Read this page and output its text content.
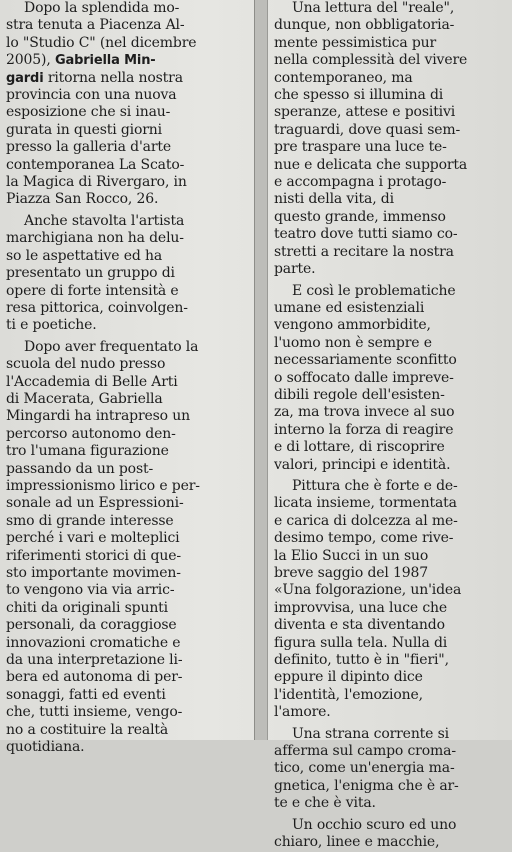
Dopo la splendida mo-
stra tenuta a Piacenza Al-
lo "Studio C" (nel dicembre
2005), Gabriella Min-
gardi ritorna nella nostra
provincia con una nuova
esposizione che si inau-
gurata in questi giorni
presso la galleria d'arte
contemporanea La Scato-
la Magica di Rivergaro, in
Piazza San Rocco, 26.

Anche stavolta l'artista
marchigiana non ha delu-
so le aspettative ed ha
presentato un gruppo di
opere di forte intensità e
resa pittorica, coinvolgen-
ti e poetiche.

Dopo aver frequentato la
scuola del nudo presso
l'Accademia di Belle Arti
di Macerata, Gabriella
Mingardi ha intrapreso un
percorso autonomo den-
tro l'umana figurazione
passando da un post-
impressionismo lirico e per-
sonale ad un Espressioni-
smo di grande interesse
perché i vari e molteplici
riferimenti storici di que-
sto importante movimen-
to vengono via via arric-
chiti da originali spunti
personali, da coraggiose
innovazioni cromatiche e
da una interpretazione li-
bera ed autonoma di per-
sonaggi, fatti ed eventi
che, tutti insieme, vengo-
no a costituire la realtà
quotidiana.

Una lettura del "reale",
dunque, non obbligatoria-
mente pessimistica pur
nella complessità del vivere
contemporaneo, ma
che spesso si illumina di
speranze, attese e positivi
traguardi, dove quasi sem-
pre traspare una luce te-
nue e delicata che supporta
e accompagna i protago-
nisti della vita, di
questo grande, immenso
teatro dove tutti siamo co-
stretti a recitare la nostra
parte.

E così le problematiche
umane ed esistenziali
vengono ammorbidite,
l'uomo non è sempre e
necessariamente sconfitto
o soffocato dalle impreve-
dibili regole dell'esisten-
za, ma trova invece al suo
interno la forza di reagire
e di lottare, di riscoprire
valori, principi e identità.

Pittura che è forte e de-
licata insieme, tormentata
e carica di dolcezza al me-
desimo tempo, come rive-
la Elio Succi in un suo
breve saggio del 1987
«Una folgorazione, un'idea
improvvisa, una luce che
diventa e sta diventando
figura sulla tela. Nulla di
definito, tutto è in "fieri",
eppure il dipinto dice
l'identità, l'emozione,
l'amore.

Una strana corrente si
afferma sul campo croma-
tico, come un'energia ma-
gnetica, l'enigma che è ar-
te e che è vita.

Un occhio scuro ed uno
chiaro, linee e macchie,
